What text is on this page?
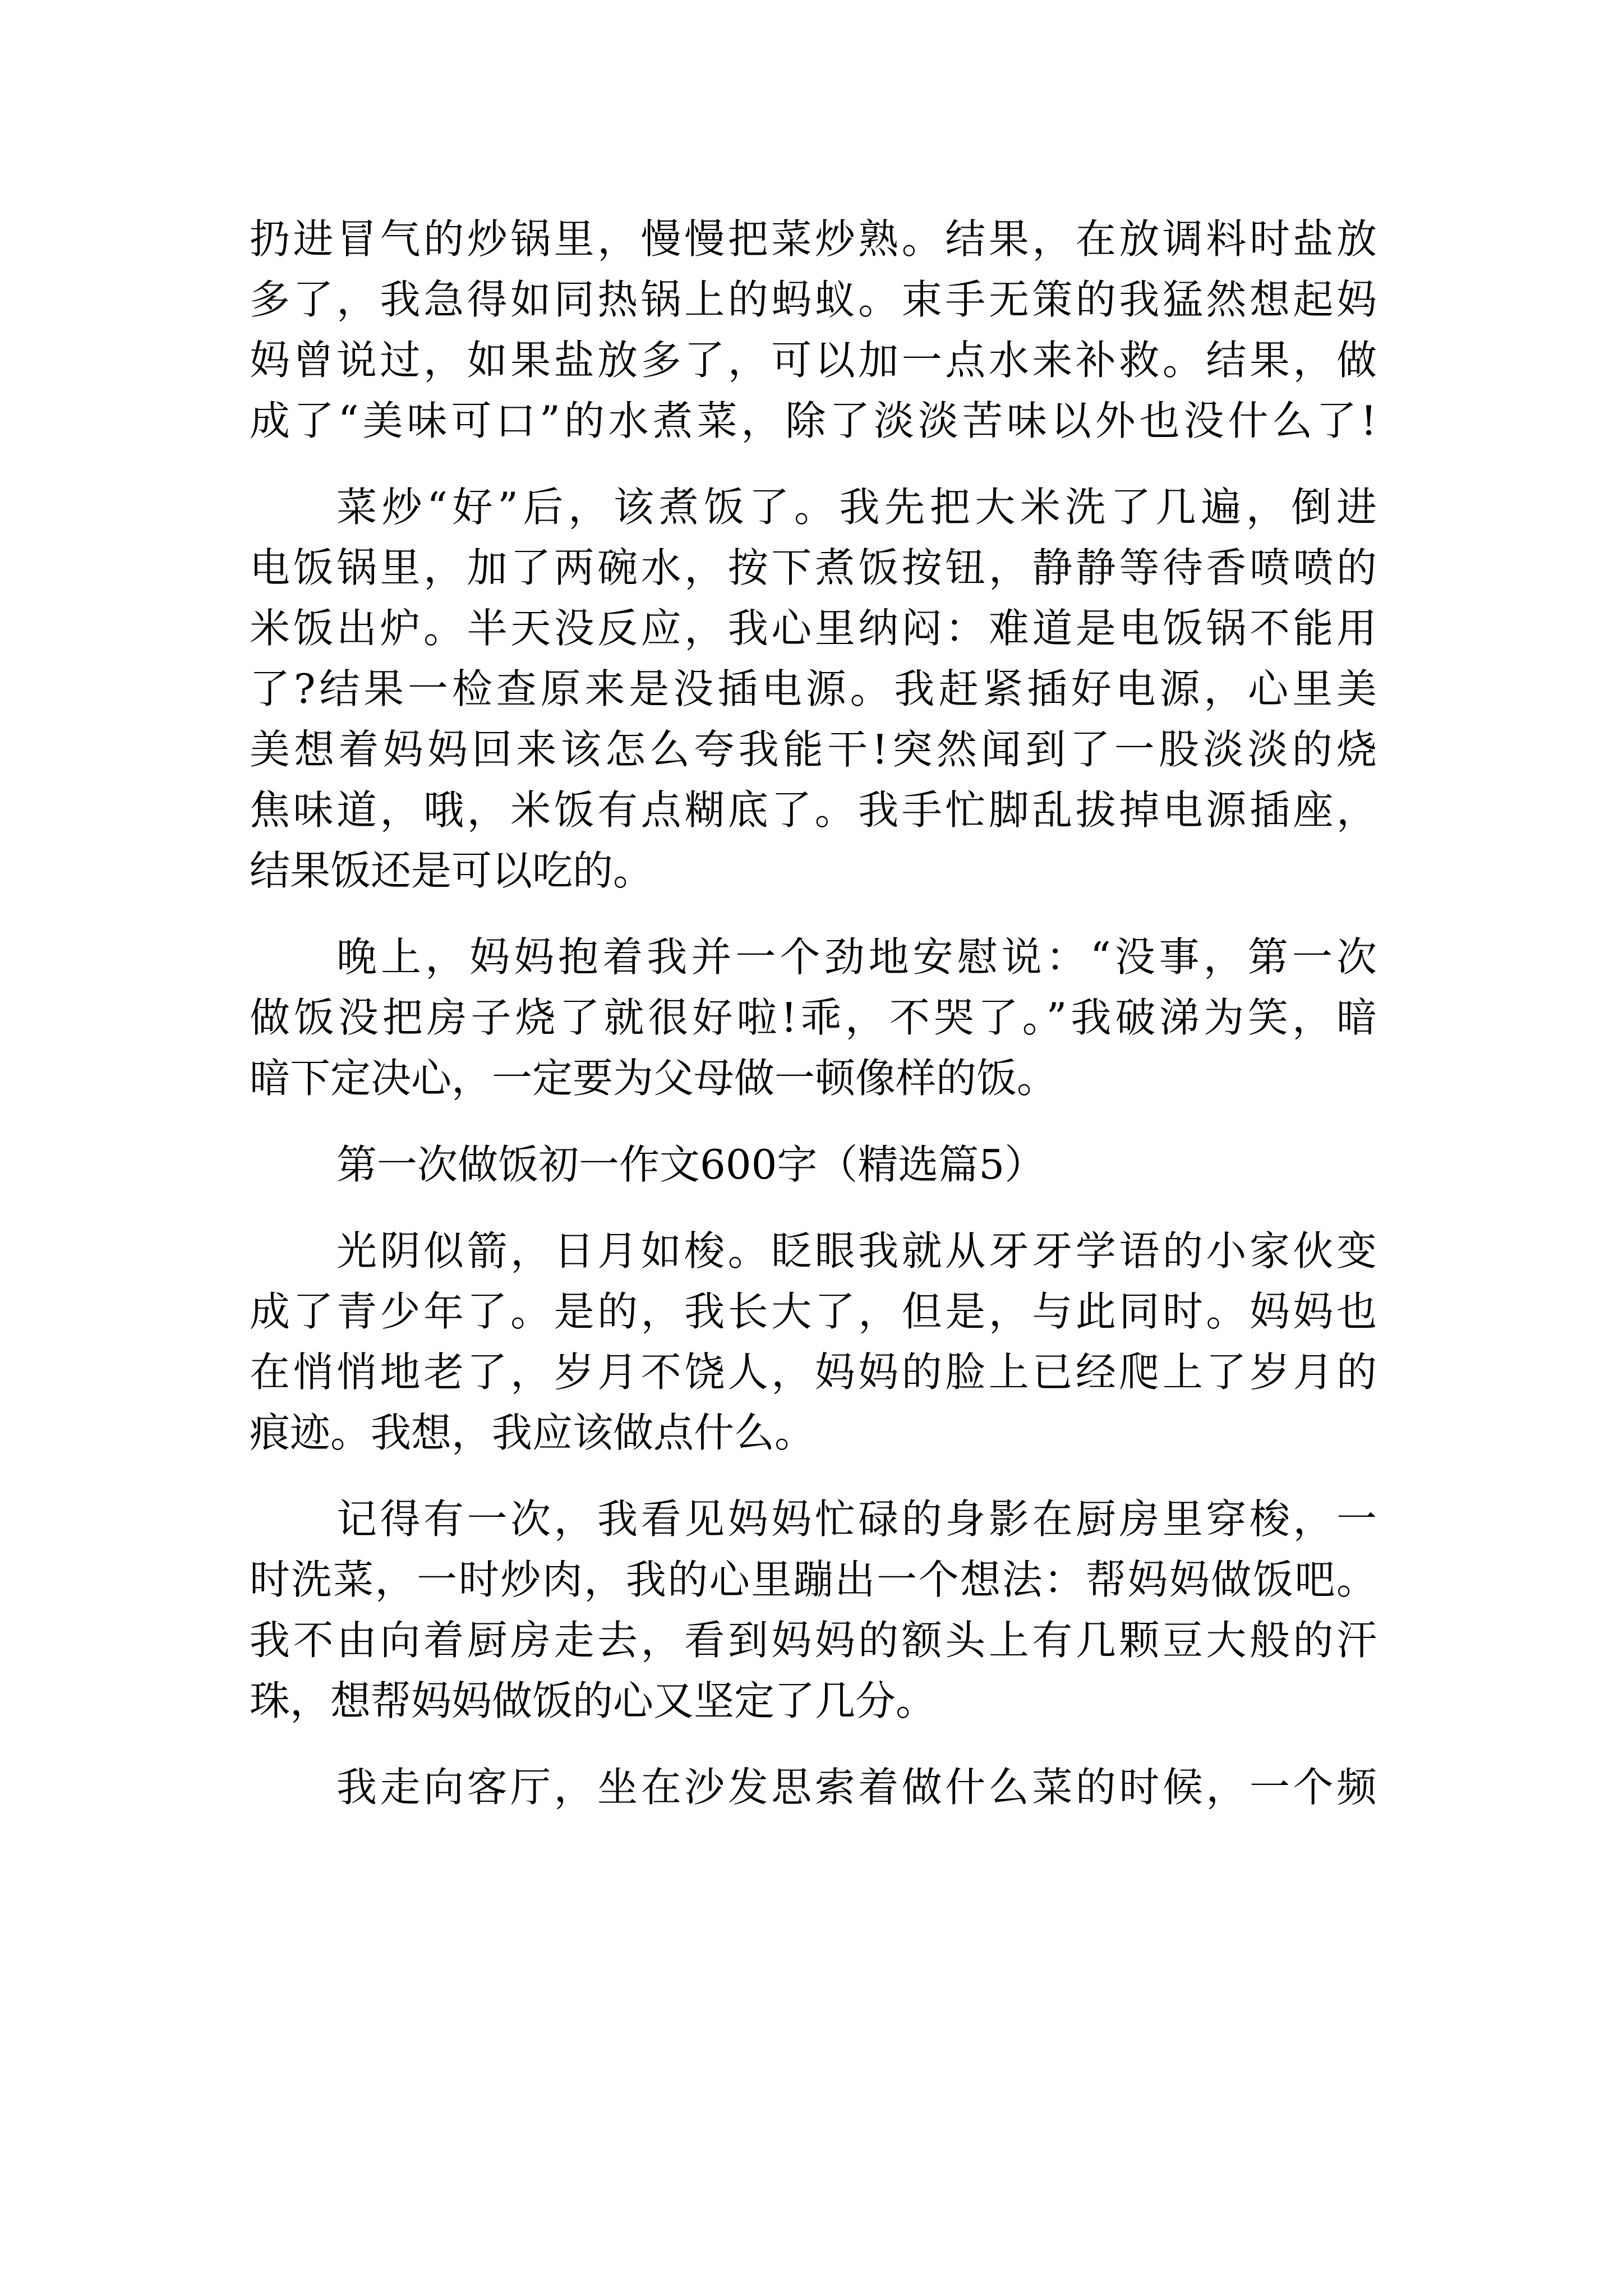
扔进冒气的炒锅里，慢慢把菜炒熟。结果，在放调料时盐放
多了，我急得如同热锅上的蚂蚁。束手无策的我猛然想起妈
妈曾说过，如果盐放多了，可以加一点水来补救。结果，做
成了“美味可口”的水煮菜，除了淡淡苦味以外也没什么了!
菜炒“好”后，该煮饭了。我先把大米洗了几遍，倒进
电饭锅里，加了两碗水，按下煮饭按钮，静静等待香喷喷的
米饭出炉。半天没反应，我心里纳闷：难道是电饭锅不能用
了?结果一检查原来是没插电源。我赶紧插好电源，心里美
美想着妈妈回来该怎么夸我能干!突然闻到了一股淡淡的烧
焦味道，哦，米饭有点糊底了。我手忙脚乱拔掉电源插座，
结果饭还是可以吃的。
晚上，妈妈抱着我并一个劲地安慰说：“没事，第一次
做饭没把房子烧了就很好啦!乖，不哭了。”我破涕为笑，暗
暗下定决心，一定要为父母做一顿像样的饭。
第一次做饭初一作文600字（精选篇5）
光阴似箭，日月如梭。眨眼我就从牙牙学语的小家伙变
成了青少年了。是的，我长大了，但是，与此同时。妈妈也
在悄悄地老了，岁月不饶人，妈妈的脸上已经爬上了岁月的
痕迹。我想，我应该做点什么。
记得有一次，我看见妈妈忙碌的身影在厨房里穿梭，一
时洗菜，一时炒肉，我的心里蹦出一个想法：帮妈妈做饭吧。
我不由向着厨房走去，看到妈妈的额头上有几颗豆大般的汗
珠，想帮妈妈做饭的心又坚定了几分。
我走向客厅，坐在沙发思索着做什么菜的时候，一个频
